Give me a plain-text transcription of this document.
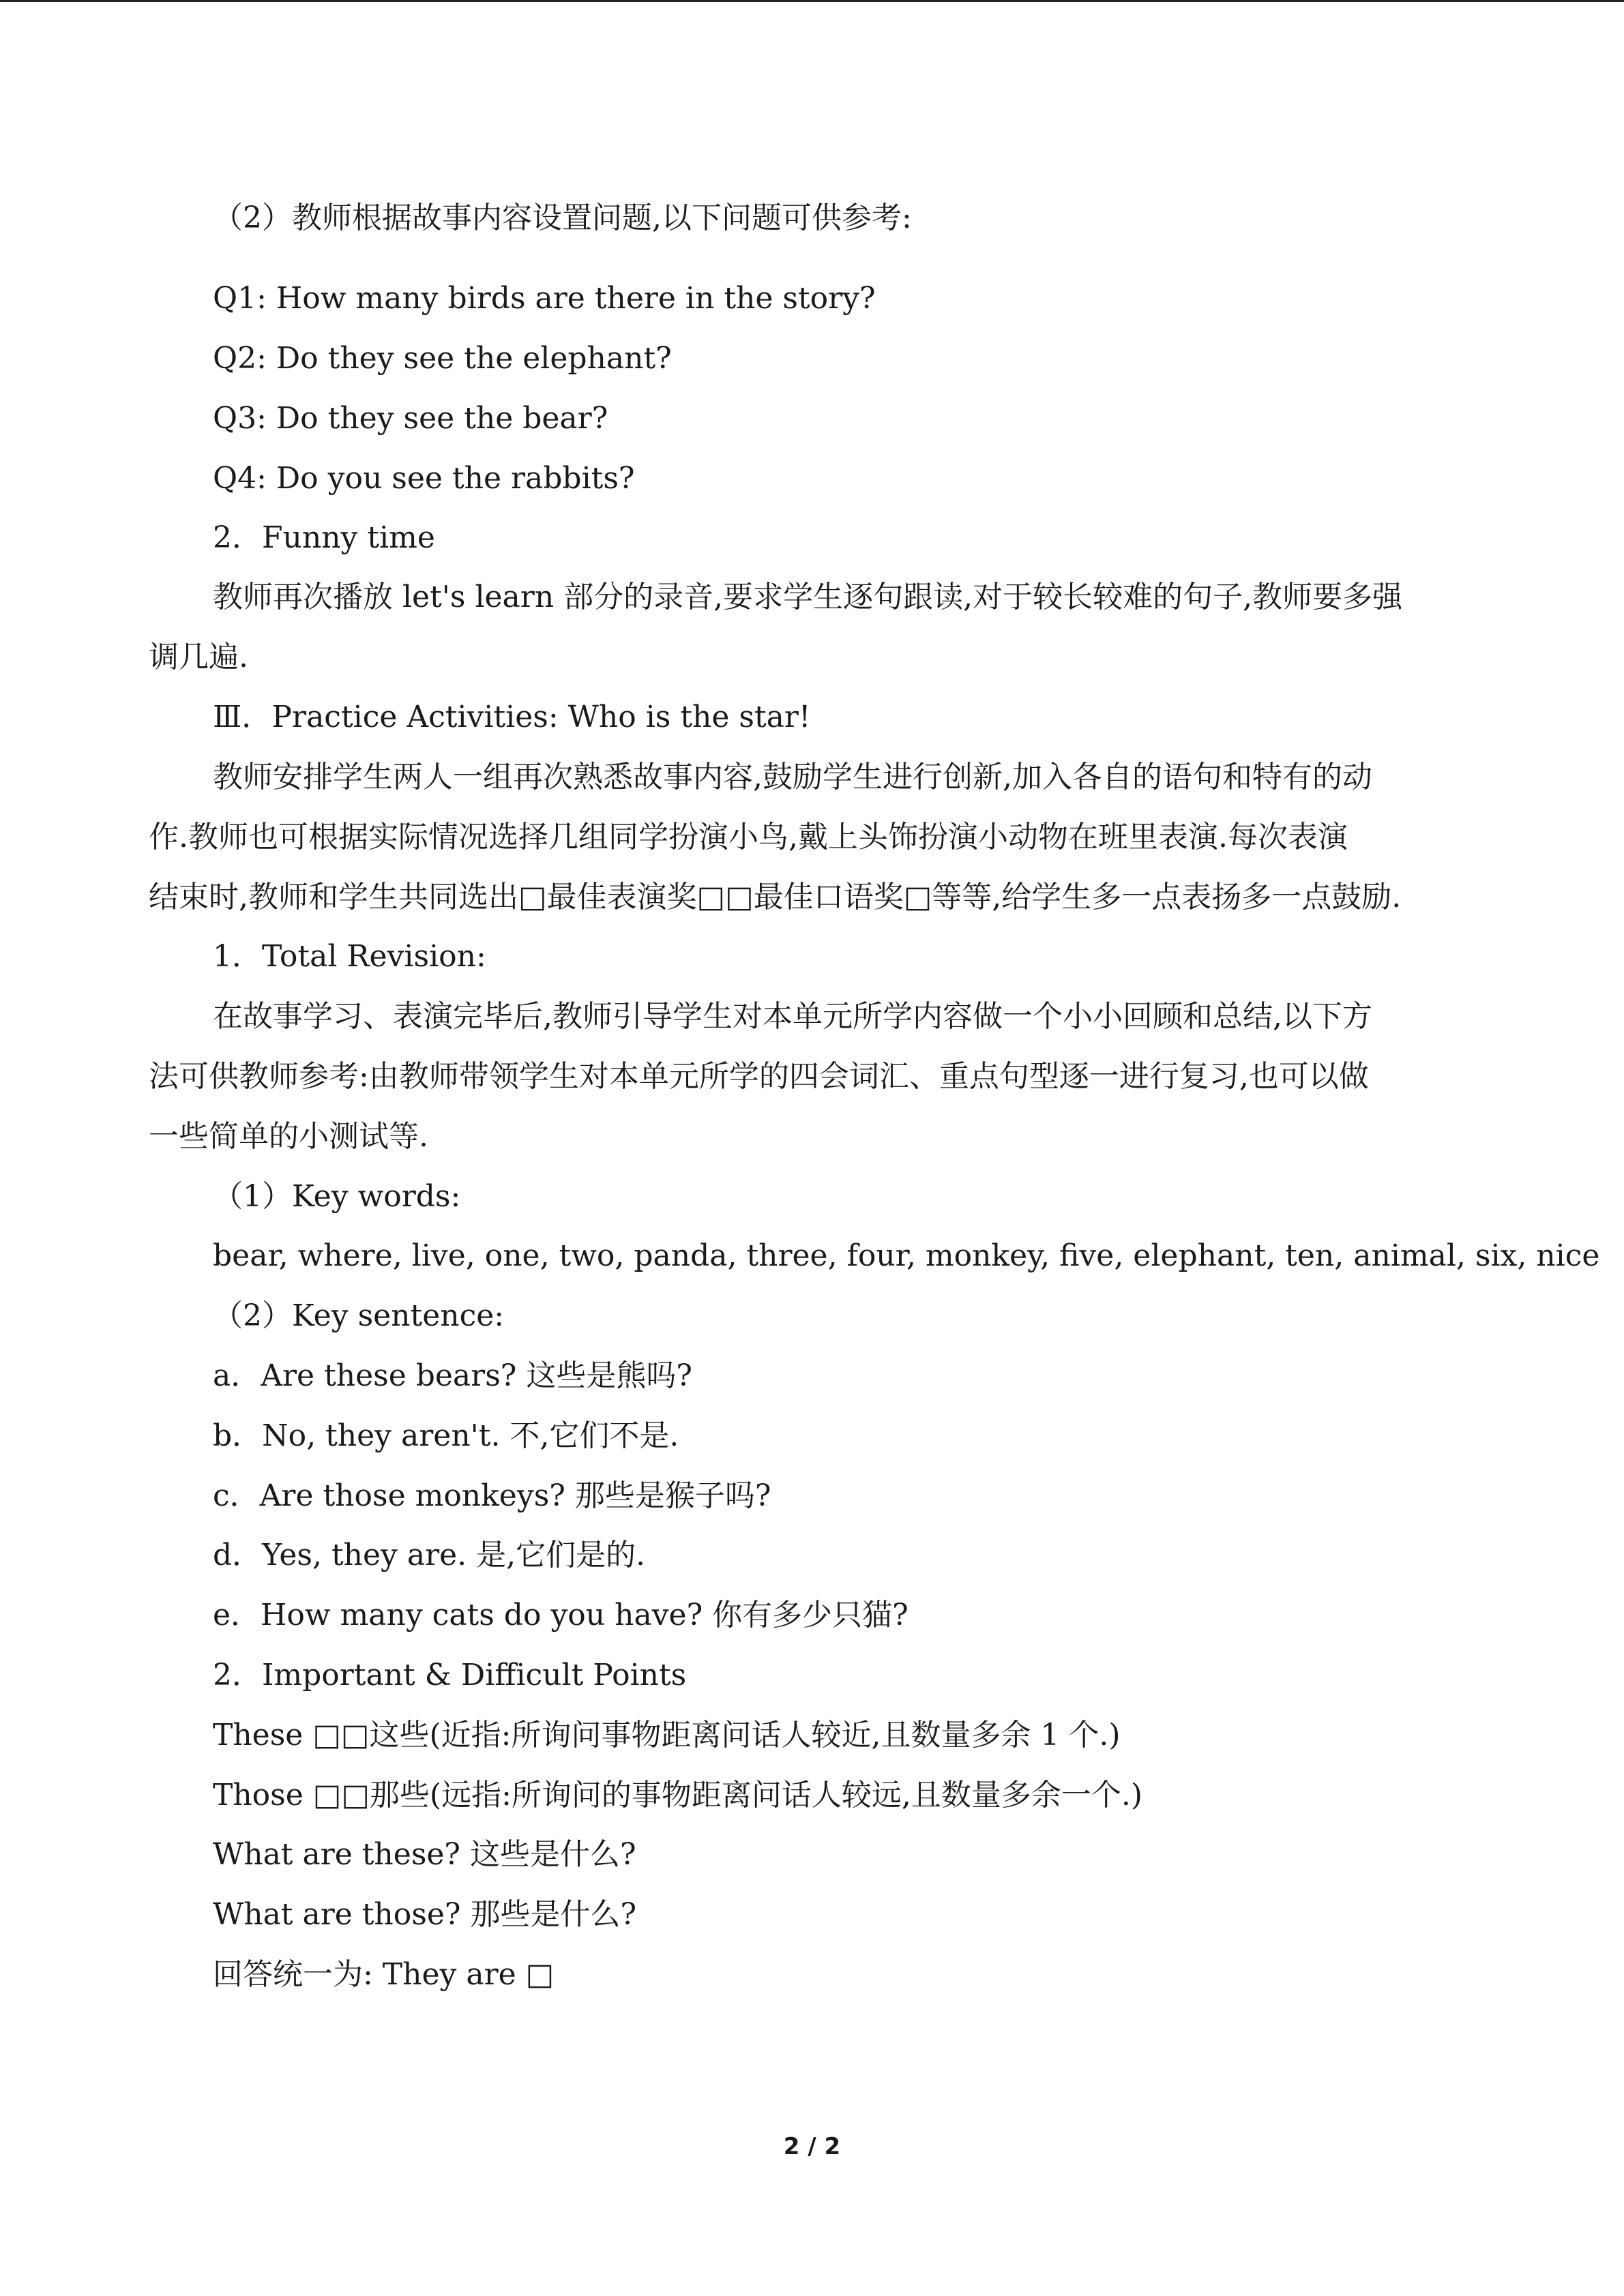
（2）教师根据故事内容设置问题,以下问题可供参考:
Q1: How many birds are there in the story?
Q2: Do they see the elephant?
Q3: Do they see the bear?
Q4: Do you see the rabbits?
2．Funny time
教师再次播放 let's learn 部分的录音,要求学生逐句跟读,对于较长较难的句子,教师要多强
调几遍.
Ⅲ．Practice Activities: Who is the star!
教师安排学生两人一组再次熟悉故事内容,鼓励学生进行创新,加入各自的语句和特有的动
作.教师也可根据实际情况选择几组同学扮演小鸟,戴上头饰扮演小动物在班里表演.每次表演
结束时,教师和学生共同选出□最佳表演奖□□最佳口语奖□等等,给学生多一点表扬多一点鼓励.
1．Total Revision:
在故事学习、表演完毕后,教师引导学生对本单元所学内容做一个小小回顾和总结,以下方
法可供教师参考:由教师带领学生对本单元所学的四会词汇、重点句型逐一进行复习,也可以做
一些简单的小测试等.
（1）Key words:
bear, where, live, one, two, panda, three, four, monkey, five, elephant, ten, animal, six, nice
（2）Key sentence:
a．Are these bears? 这些是熊吗?
b．No, they aren't. 不,它们不是.
c．Are those monkeys? 那些是猴子吗?
d．Yes, they are. 是,它们是的.
e．How many cats do you have? 你有多少只猫?
2．Important & Difficult Points
These □□这些(近指:所询问事物距离问话人较近,且数量多余 1 个.)
Those □□那些(远指:所询问的事物距离问话人较远,且数量多余一个.)
What are these? 这些是什么?
What are those? 那些是什么?
回答统一为: They are □
2 / 2
